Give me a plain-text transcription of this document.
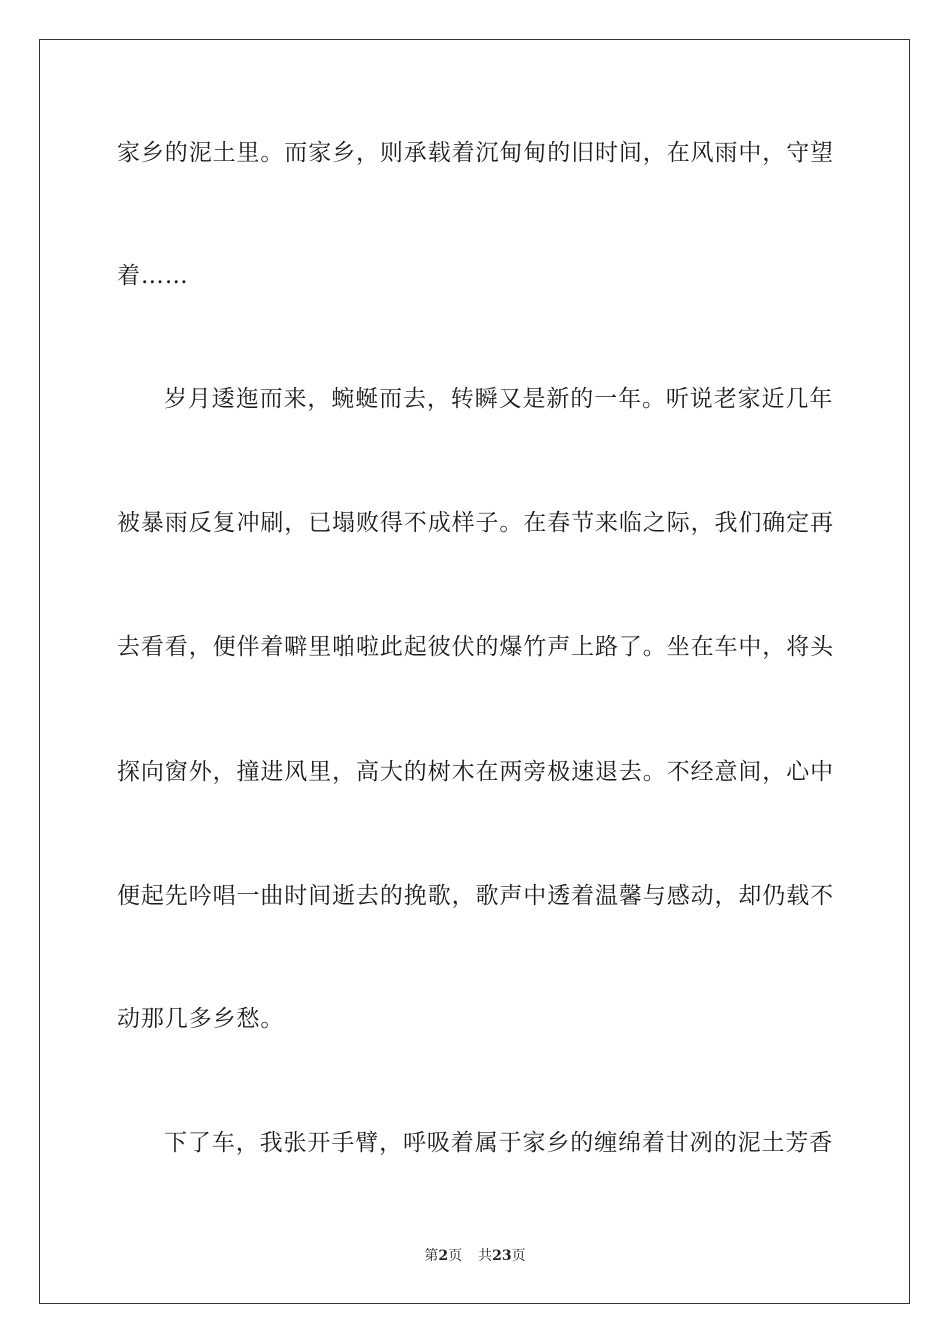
家乡的泥土里。而家乡，则承载着沉甸甸的旧时间，在风雨中，守望
着……
岁月逶迤而来，蜿蜒而去，转瞬又是新的一年。听说老家近几年
被暴雨反复冲刷，已塌败得不成样子。在春节来临之际，我们确定再
去看看，便伴着噼里啪啦此起彼伏的爆竹声上路了。坐在车中，将头
探向窗外，撞进风里，高大的树木在两旁极速退去。不经意间，心中
便起先吟唱一曲时间逝去的挽歌，歌声中透着温馨与感动，却仍载不
动那几多乡愁。
下了车，我张开手臂，呼吸着属于家乡的缠绵着甘冽的泥土芳香
第2页 共23页
